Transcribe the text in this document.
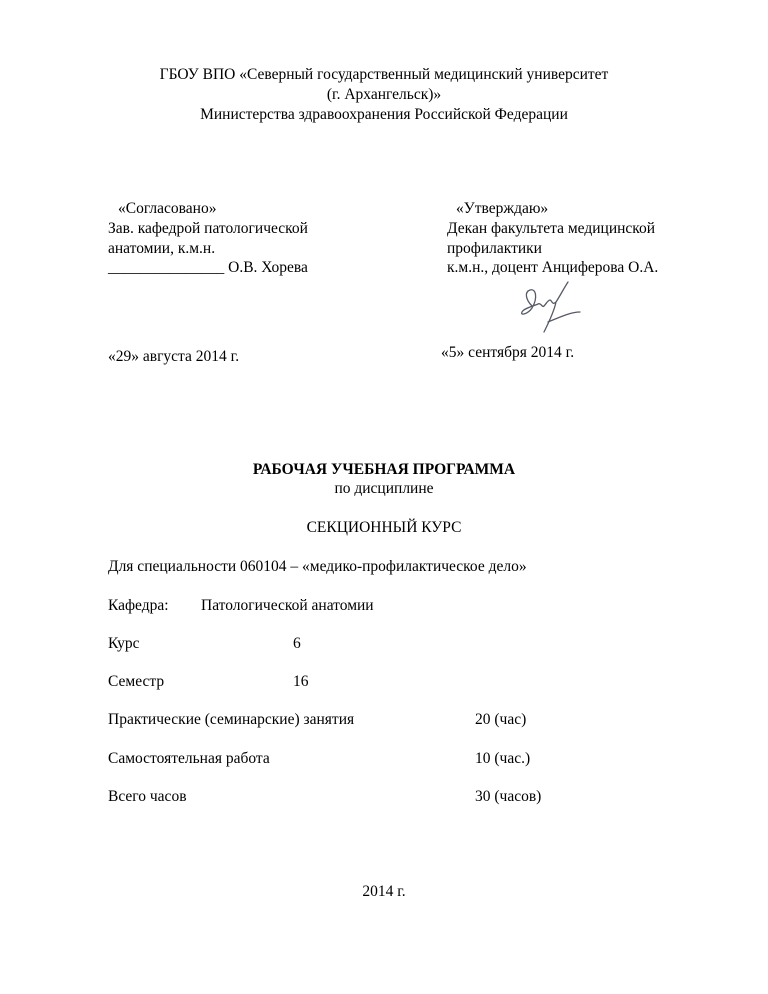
ГБОУ ВПО «Северный государственный медицинский университет
(г. Архангельск)»
Министерства здравоохранения Российской Федерации
«Согласовано»
Зав. кафедрой патологической
анатомии, к.м.н.
_______________ О.В. Хорева
«29» августа 2014 г.
«Утверждаю»
Декан факультета медицинской
профилактики
к.м.н., доцент Анциферова О.А.
«5» сентября 2014 г.
РАБОЧАЯ УЧЕБНАЯ ПРОГРАММА
по дисциплине
СЕКЦИОННЫЙ КУРС
Для специальности 060104 – «медико-профилактическое дело»
Кафедра: Патологической анатомии
Курс	6
Семестр	16
Практические (семинарские) занятия	20 (час)
Самостоятельная работа	10 (час.)
Всего часов	30 (часов)
2014 г.
